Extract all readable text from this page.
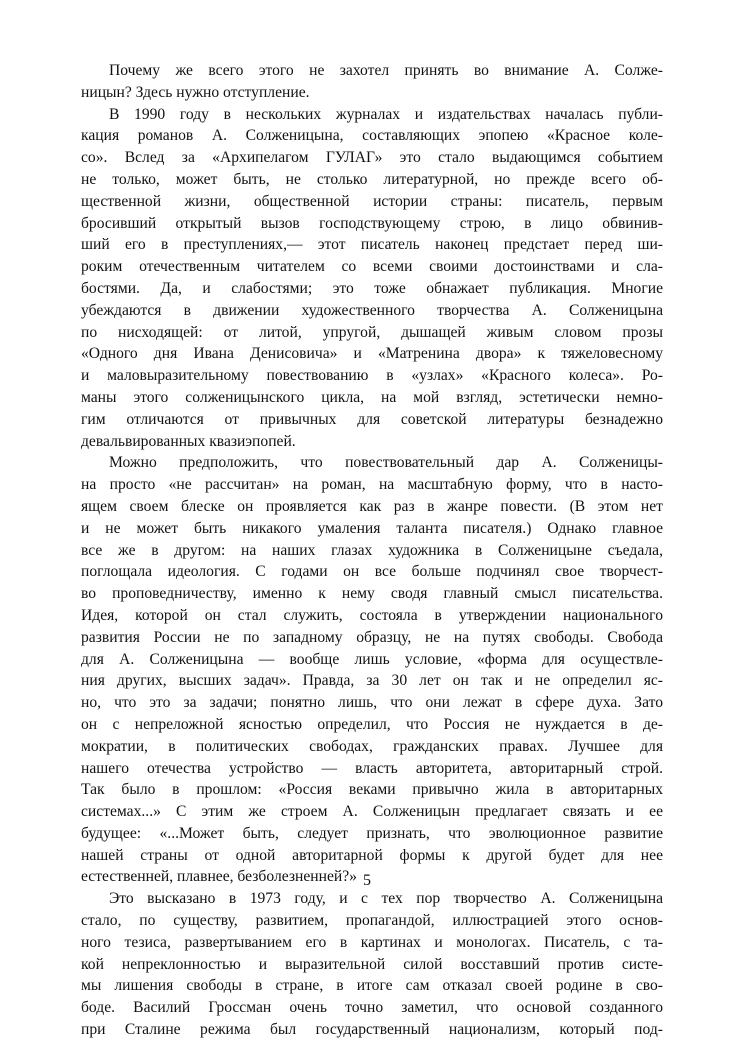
Почему же всего этого не захотел принять во внимание А. Солже-
ницын? Здесь нужно отступление.
В 1990 году в нескольких журналах и издательствах началась публи-
кация романов А. Солженицына, составляющих эпопею «Красное коле-
со». Вслед за «Архипелагом ГУЛАГ» это стало выдающимся событием
не только, может быть, не столько литературной, но прежде всего об-
щественной жизни, общественной истории страны: писатель, первым
бросивший открытый вызов господствующему строю, в лицо обвинив-
ший его в преступлениях,— этот писатель наконец предстает перед ши-
роким отечественным читателем со всеми своими достоинствами и сла-
бостями. Да, и слабостями; это тоже обнажает публикация. Многие
убеждаются в движении художественного творчества А. Солженицына
по нисходящей: от литой, упругой, дышащей живым словом прозы
«Одного дня Ивана Денисовича» и «Матренина двора» к тяжеловесному
и маловыразительному повествованию в «узлах» «Красного колеса». Ро-
маны этого солженицынского цикла, на мой взгляд, эстетически немно-
гим отличаются от привычных для советской литературы безнадежно
девальвированных квазиэпопей.
Можно предположить, что повествовательный дар А. Солженицы-
на просто «не рассчитан» на роман, на масштабную форму, что в насто-
ящем своем блеске он проявляется как раз в жанре повести. (В этом нет
и не может быть никакого умаления таланта писателя.) Однако главное
все же в другом: на наших глазах художника в Солженицыне съедала,
поглощала идеология. С годами он все больше подчинял свое творчест-
во проповедничеству, именно к нему сводя главный смысл писательства.
Идея, которой он стал служить, состояла в утверждении национального
развития России не по западному образцу, не на путях свободы. Свобода
для А. Солженицына — вообще лишь условие, «форма для осуществле-
ния других, высших задач». Правда, за 30 лет он так и не определил яс-
но, что это за задачи; понятно лишь, что они лежат в сфере духа. Зато
он с непреложной ясностью определил, что Россия не нуждается в де-
мократии, в политических свободах, гражданских правах. Лучшее для
нашего отечества устройство — власть авторитета, авторитарный строй.
Так было в прошлом: «Россия веками привычно жила в авторитарных
системах...» С этим же строем А. Солженицын предлагает связать и ее
будущее: «...Может быть, следует признать, что эволюционное развитие
нашей страны от одной авторитарной формы к другой будет для нее
естественней, плавнее, безболезненней?»
Это высказано в 1973 году, и с тех пор творчество А. Солженицына
стало, по существу, развитием, пропагандой, иллюстрацией этого основ-
ного тезиса, развертыванием его в картинах и монологах. Писатель, с та-
кой непреклонностью и выразительной силой восставший против систе-
мы лишения свободы в стране, в итоге сам отказал своей родине в сво-
боде. Василий Гроссман очень точно заметил, что основой созданного
при Сталине режима был государственный национализм, который под-
5
